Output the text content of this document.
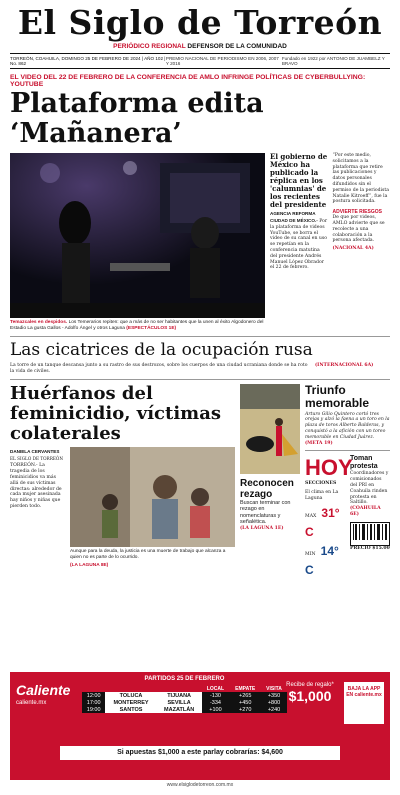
El Siglo de Torreón
PERIÓDICO REGIONAL DEFENSOR DE LA COMUNIDAD
TORREÓN, COAHUILA, DOMINGO 25 DE FEBRERO DE 2024 | AÑO 102 | No. 862
PREMIO NACIONAL DE PERIODISMO EN 2006, 2007 Y 2016
Fundado en 1922 por ANTONIO DE JUAMBELZ Y BRAVO
EL VIDEO DEL 22 DE FEBRERO DE LA CONFERENCIA DE AMLO INFRINGE POLÍTICAS DE CYBERBULLYING: YOUTUBE
Plataforma edita ‘Mañanera’
Temazcales en despidos. Los Temerarios repiten: que a más de no ser habitantes que la unen al éxito Algodonero del Estadio La gusta Gallos - Adolfo Ángel y otros Laguna (ESPECTÁCULOS 1E)
El gobierno de México ha publicado la réplica en los 'calumnias' de los recientes del presidente
AGENCIA REFORMA
CIUDAD DE MÉXICO.- Por la plataforma de videos YouTube, se borra el video de su canal en uso se repetían en la conferencia matutina del presidente Andrés Manuel López Obrador el 22 de febrero.
“Por este medio, solicitamos a la plataforma que retire las publicaciones y datos personales difundidos sin el permiso de la periodista Natalie Kitroeff”, fue la postura solicitada.
ADVIERTE RIESGOS
De que por videos, AMLO advierte que se recolecte a una colaboración a la persona afectada.
(NACIONAL 4A)
Las cicatrices de la ocupación rusa
La torre de un tanque descansa junto a su rastro de sus destrozos, sobre los cuerpos de una ciudad ucraniana donde se ha roto la vida de civiles.
(INTERNACIONAL 6A)
Huérfanos del feminicidio, víctimas colaterales
DANIELA CERVANTES
EL SIGLO DE TORREÓN
TORREÓN.- La tragedia de los feminicidios va más allá de sus víctimas directas: alrededor de cada mujer asesinada hay niños y niñas que pierden todo.
Aunque para la deuda, la justicia es una muerte de trabajo que alcanza a quien no es parte de lo ocurrido.
(LA LAGUNA 8E)
Reconocen rezago
Buscan terminar con rezago en nomenclaturas y señalética.
(LA LAGUNA 1E)
Triunfo memorable
Arturo Gilio Quintero cortó tres orejas y alzó la faena a un toro en la plaza de toros Alberto Balderas, y conquistó a la afición con un toreo memorable en Ciudad Juárez.
(META 19)
HOY
SECCIONES
El clima en La Laguna
MAX 31° C
MIN 14° C
Toman protesta
Coordinadores y comisionados del PRI en Coahuila rinden protesta en Saltillo.
(COAHUILA 6E)
PRECIO $15.00
Caliente
caliente.mx
PARTIDOS 25 DE FEBRERO
			LOCAL	EMPATE	VISITA
12:00	TOLUCA	TIJUANA	-130	+265	+350
17:00	MONTERREY	SEVILLA	-334	+450	+800
19:00	SANTOS	MAZATLÁN	+100	+270	+240
Recibe de regalo*
$1,000	BAJA LA APP EN caliente.mx
Si apuestas $1,000 a este parlay cobrarías: $4,600
www.elsiglodetorreon.com.mx
